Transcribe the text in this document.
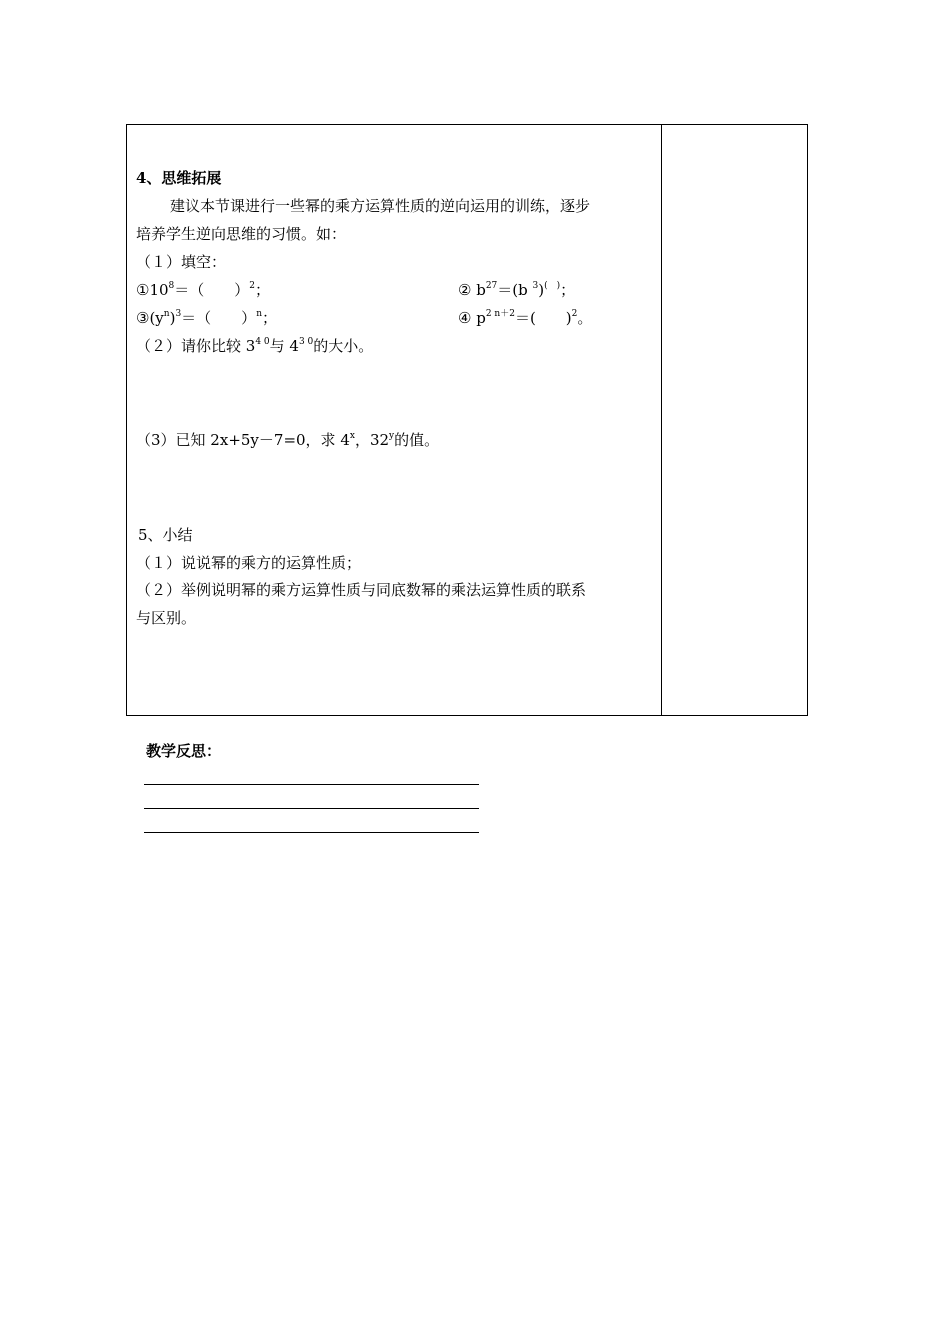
4、思维拓展
建议本节课进行一些幂的乘方运算性质的逆向运用的训练，逐步
培养学生逆向思维的习惯。如：
（１）填空：
$①10^8=$（　　）$^2$；	② $b^{27}=(b$ $^3$)(　)；
$③(y^n)^3=$（　　）$^n$；	④ $p^{2 n+2}=$(　　)$^2$。
（２）请你比较 $3^{4 0}$与 $4^{3 0}$的大小。
（3）已知 2x+5y－7=0，求 4$^x$，32$^y$的值。
5、小结
（１）说说幂的乘方的运算性质；
（２）举例说明幂的乘方运算性质与同底数幂的乘法运算性质的联系
与区别。
教学反思：
